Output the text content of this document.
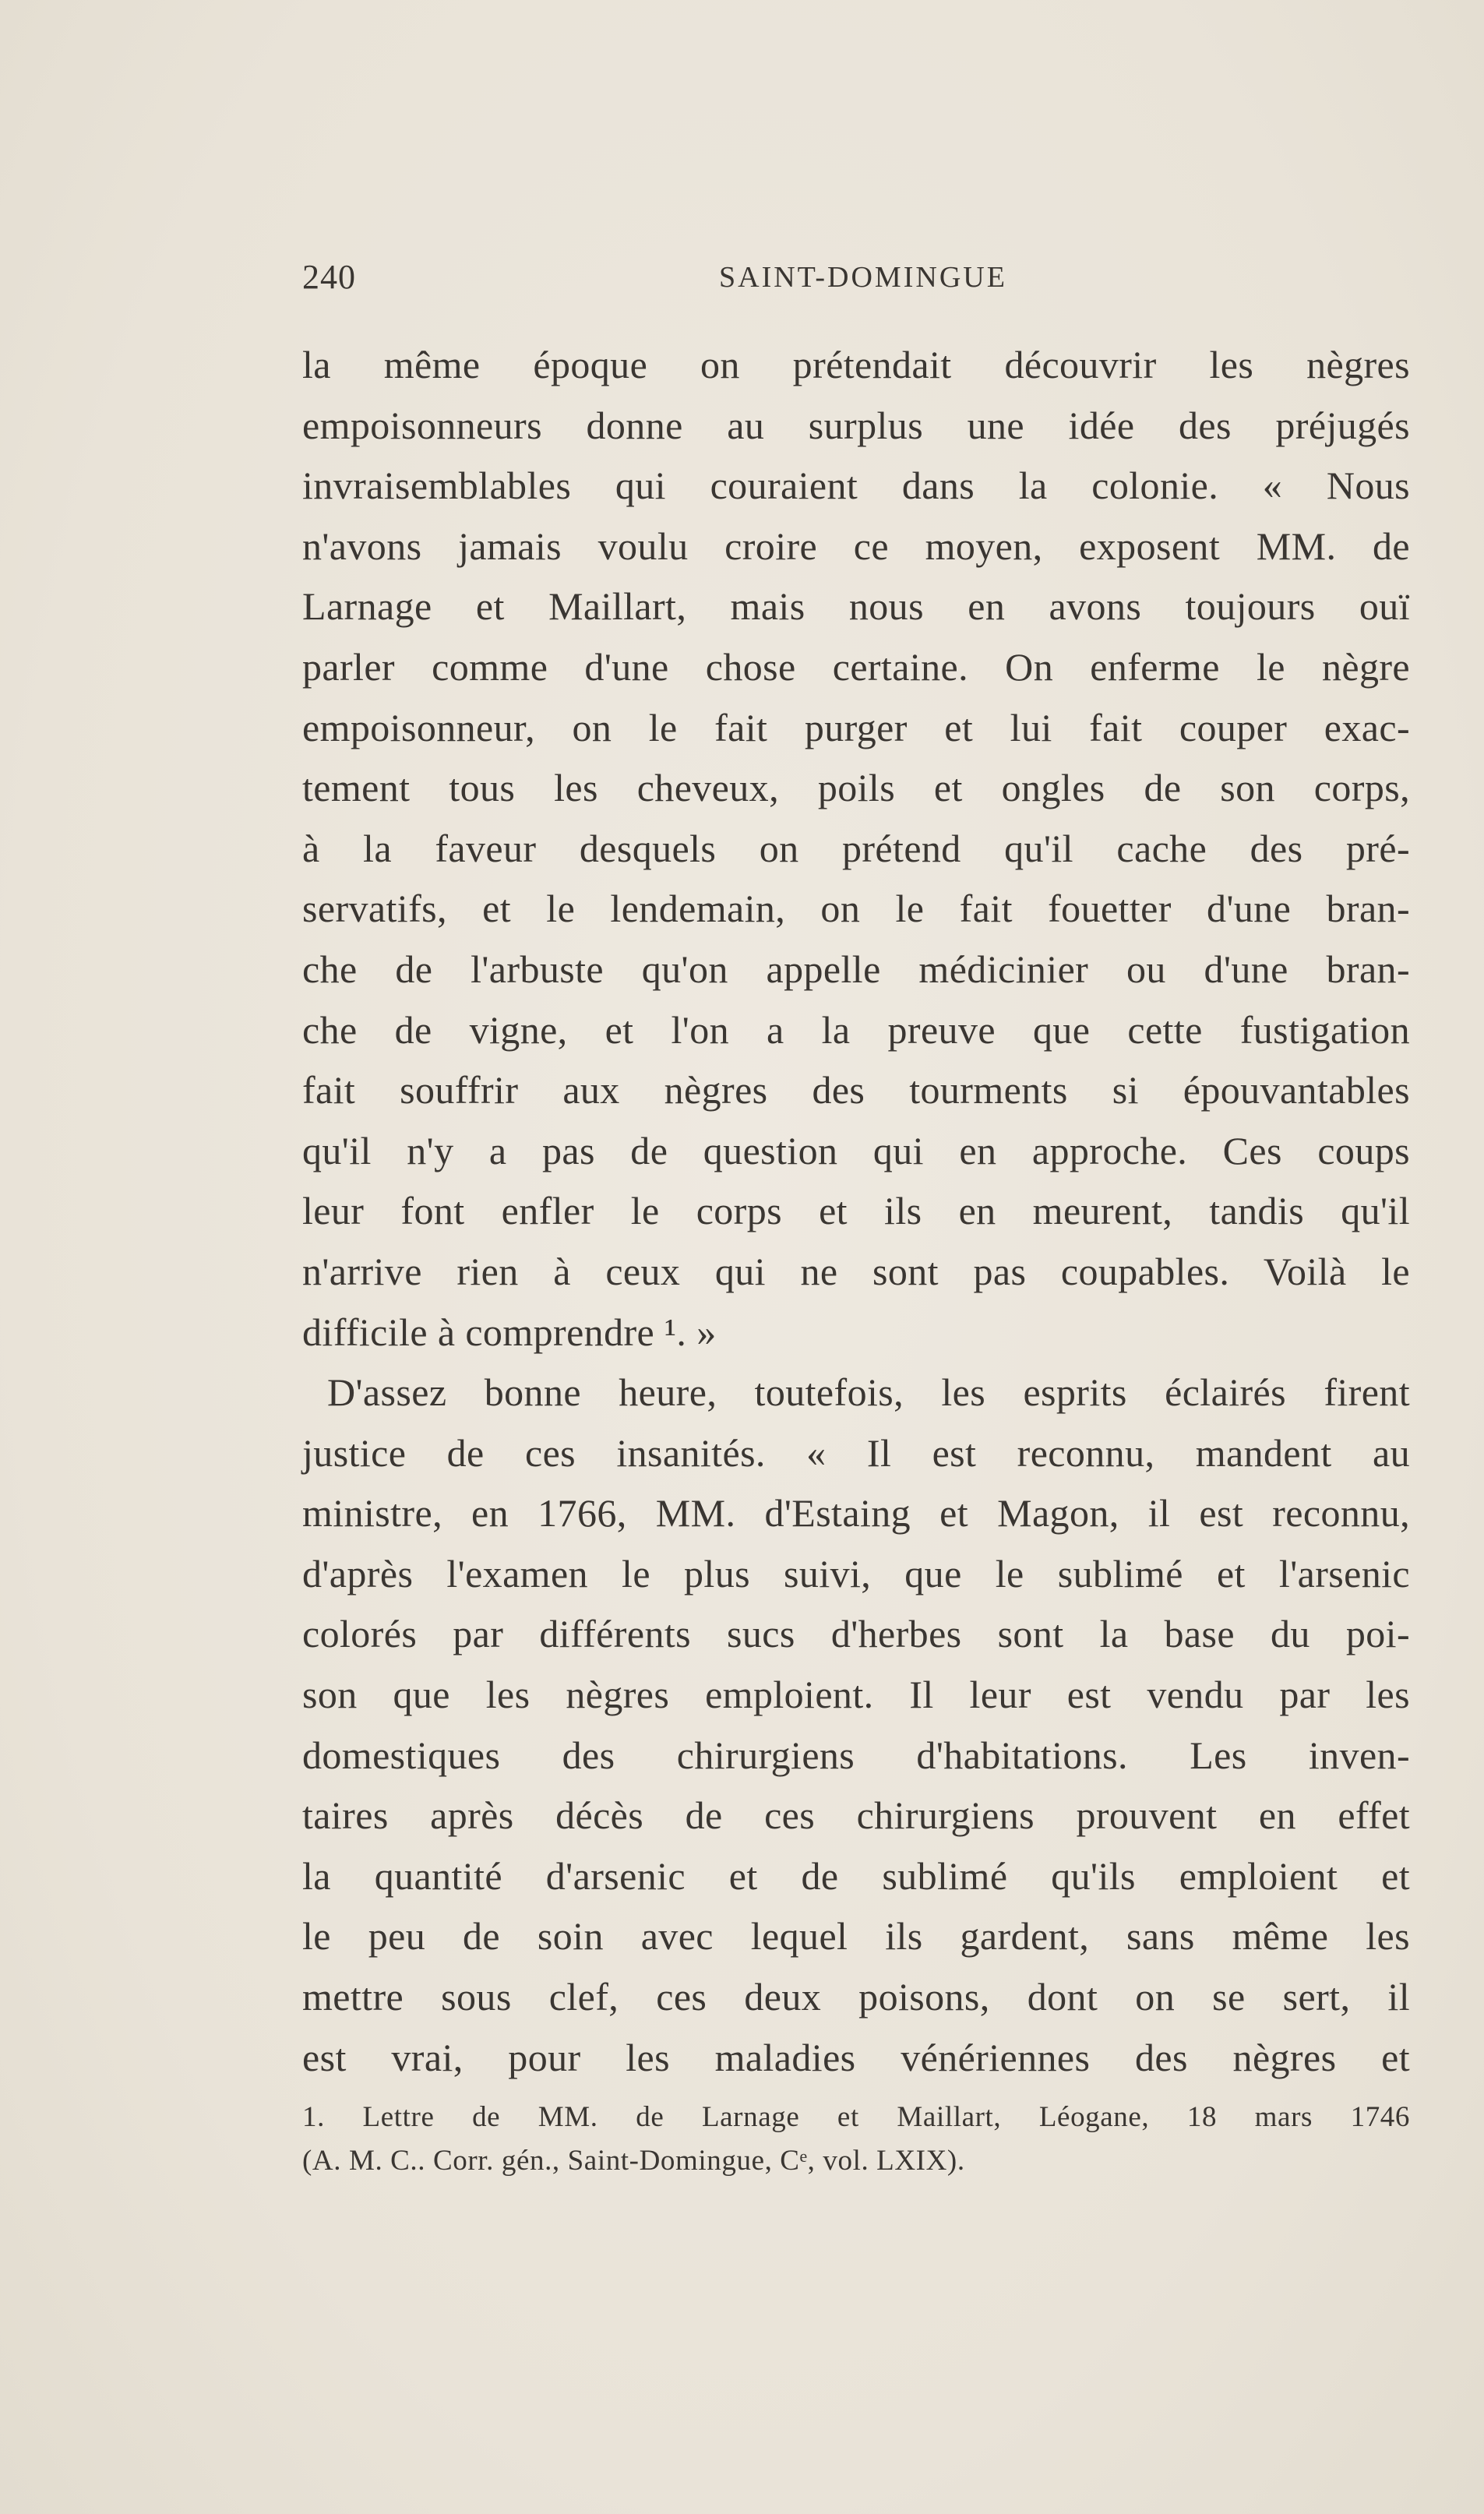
240	SAINT-DOMINGUE
la même époque on prétendait découvrir les nègres
empoisonneurs donne au surplus une idée des préjugés
invraisemblables qui couraient dans la colonie. « Nous
n'avons jamais voulu croire ce moyen, exposent MM. de
Larnage et Maillart, mais nous en avons toujours ouï
parler comme d'une chose certaine. On enferme le nègre
empoisonneur, on le fait purger et lui fait couper exac-
tement tous les cheveux, poils et ongles de son corps,
à la faveur desquels on prétend qu'il cache des pré-
servatifs, et le lendemain, on le fait fouetter d'une bran-
che de l'arbuste qu'on appelle médicinier ou d'une bran-
che de vigne, et l'on a la preuve que cette fustigation
fait souffrir aux nègres des tourments si épouvantables
qu'il n'y a pas de question qui en approche. Ces coups
leur font enfler le corps et ils en meurent, tandis qu'il
n'arrive rien à ceux qui ne sont pas coupables. Voilà le
difficile à comprendre ¹. »
D'assez bonne heure, toutefois, les esprits éclairés firent
justice de ces insanités. « Il est reconnu, mandent au
ministre, en 1766, MM. d'Estaing et Magon, il est reconnu,
d'après l'examen le plus suivi, que le sublimé et l'arsenic
colorés par différents sucs d'herbes sont la base du poi-
son que les nègres emploient. Il leur est vendu par les
domestiques des chirurgiens d'habitations. Les inven-
taires après décès de ces chirurgiens prouvent en effet
la quantité d'arsenic et de sublimé qu'ils emploient et
le peu de soin avec lequel ils gardent, sans même les
mettre sous clef, ces deux poisons, dont on se sert, il
est vrai, pour les maladies vénériennes des nègres et
1. Lettre de MM. de Larnage et Maillart, Léogane, 18 mars 1746
(A. M. C.. Corr. gén., Saint-Domingue, Cᵉ, vol. LXIX).
